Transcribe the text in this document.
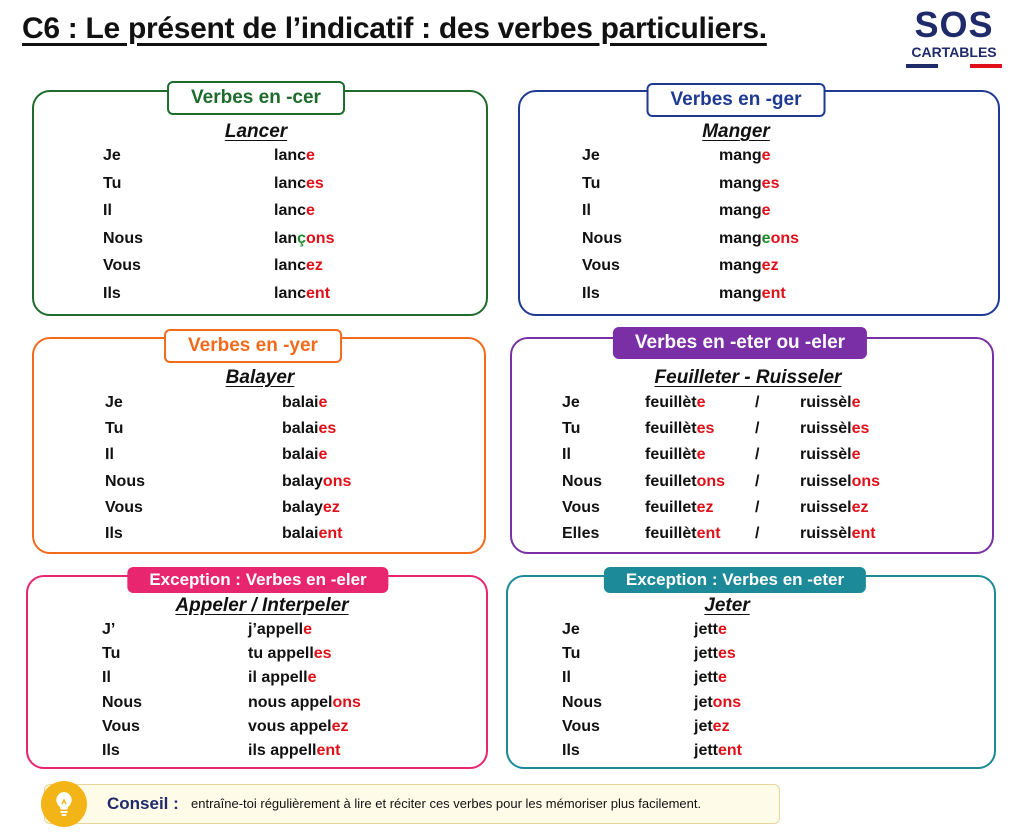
C6 : Le présent de l’indicatif : des verbes particuliers.	SOS
CARTABLES
Verbes en -cer
Lancer
Je	lance
Tu	lances
Il	lance
Nous	lançons
Vous	lancez
Ils	lancent
Verbes en -ger
Manger
Je	mange
Tu	manges
Il	mange
Nous	mangeons
Vous	mangez
Ils	mangent
Verbes en -yer
Balayer
Je	balaie
Tu	balaies
Il	balaie
Nous	balayons
Vous	balayez
Ils	balaient
Verbes en -eter ou -eler
Feuilleter - Ruisseler
Je	feuillète	/	ruissèle
Tu	feuillètes	/	ruissèles
Il	feuillète	/	ruissèle
Nous	feuilletons /	ruisselons
Vous	feuilletez	/	ruisselez
Elles	feuillètent /	ruissèlent
Exception : Verbes en -eler
Appeler / Interpeler
J’	j’appelle
Tu	tu appelles
Il	il appelle
Nous	nous appelons
Vous	vous appelez
Ils	ils appellent
Exception : Verbes en -eter
Jeter
Je	jette
Tu	jettes
Il	jette
Nous	jetons
Vous	jetez
Ils	jettent
Conseil : entraîne-toi régulièrement à lire et réciter ces verbes pour les mémoriser plus facilement.
